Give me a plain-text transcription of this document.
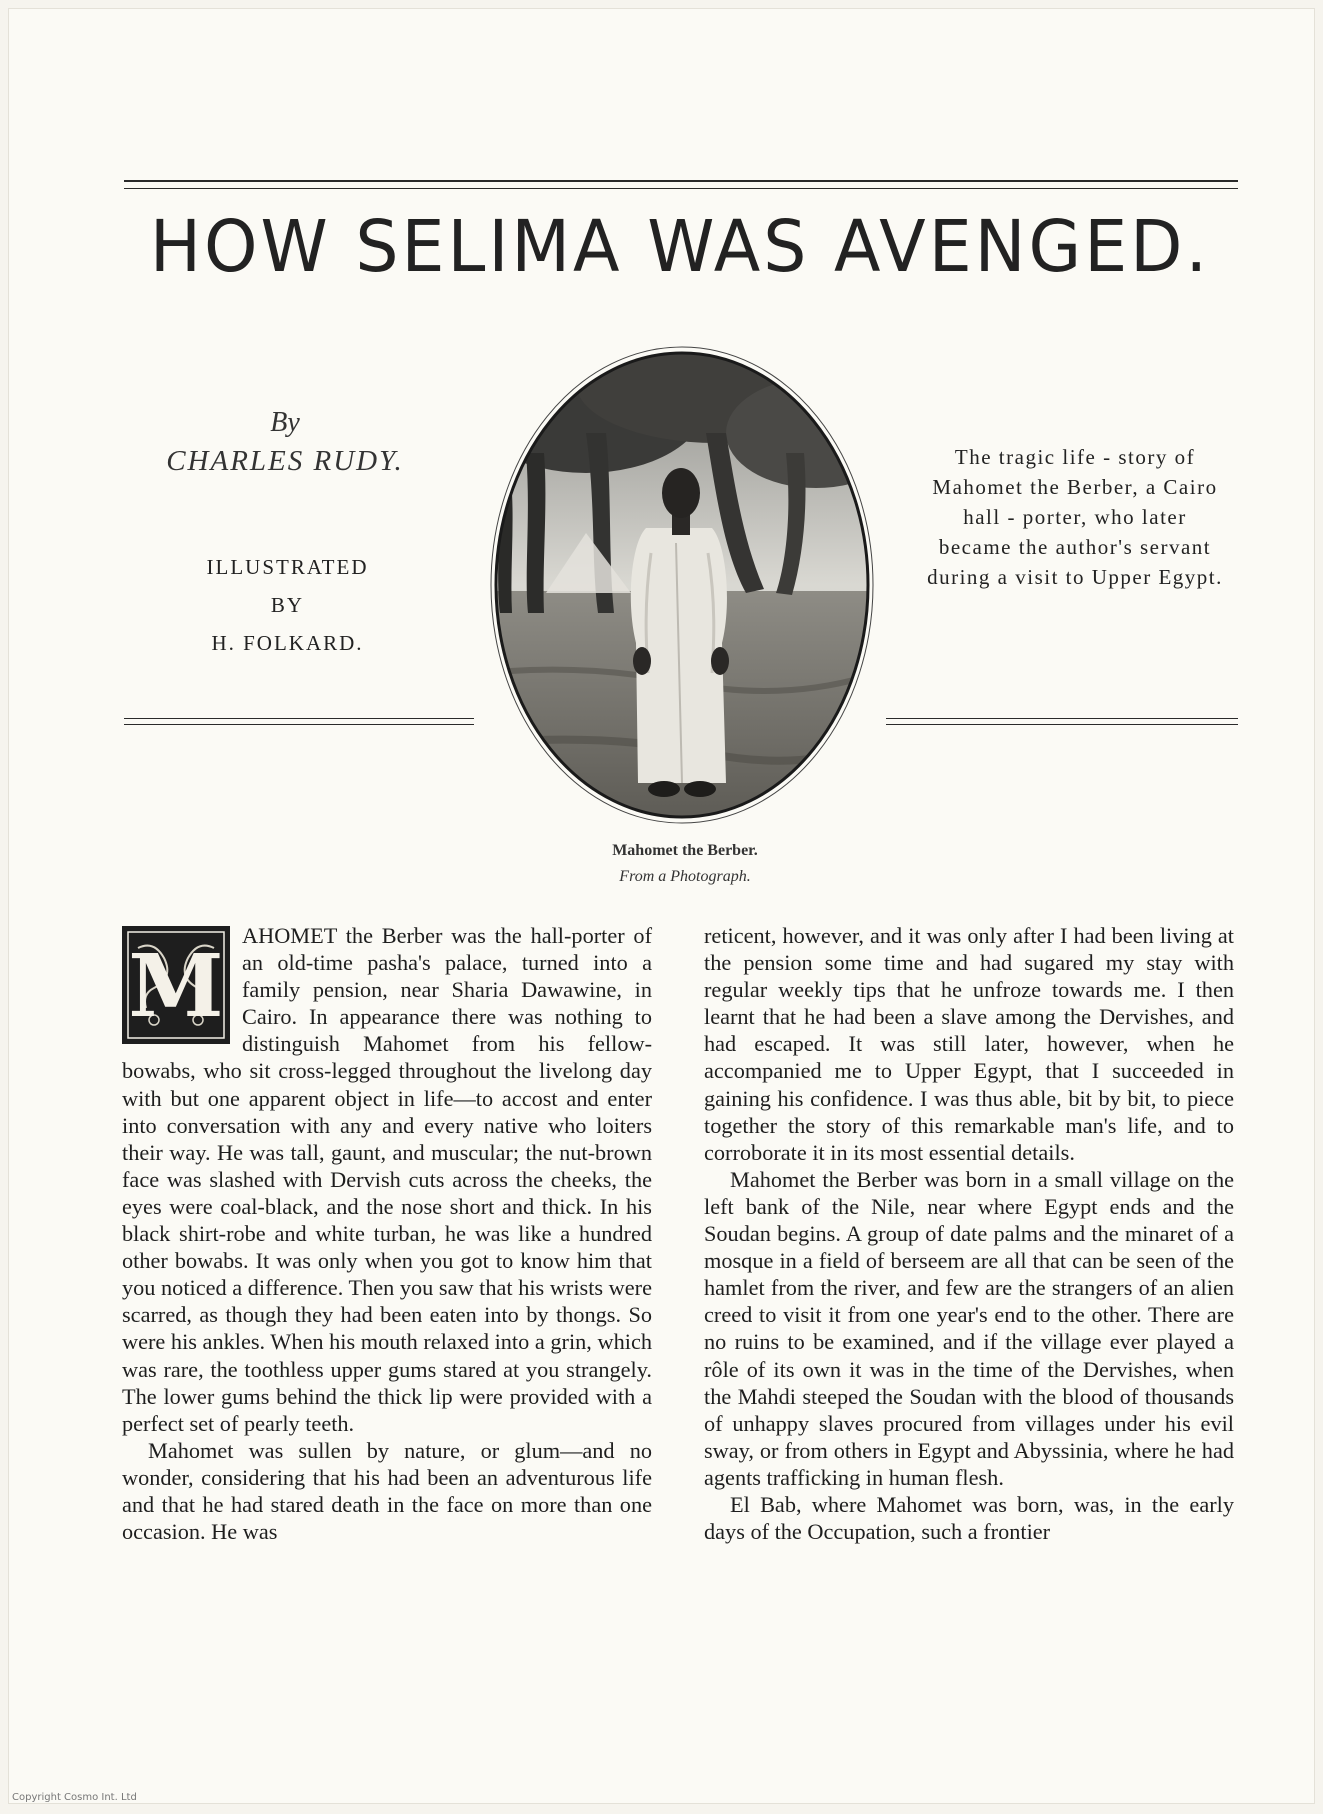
HOW SELIMA WAS AVENGED.
By
CHARLES RUDY.
ILLUSTRATED
BY
H. FOLKARD.
The tragic life - story of Mahomet the Berber, a Cairo hall - porter, who later became the author's servant during a visit to Upper Egypt.
Mahomet the Berber.
From a Photograph.

M
AHOMET the Berber was the hall-porter of an old-time pasha's palace, turned into a family pension, near Sharia Dawawine, in Cairo. In appearance there was nothing to distinguish Mahomet from his fellow-bowabs, who sit cross-legged throughout the livelong day with but one apparent object in life—to accost and enter into conversation with any and every native who loiters their way. He was tall, gaunt, and muscular; the nut-brown face was slashed with Dervish cuts across the cheeks, the eyes were coal-black, and the nose short and thick. In his black shirt-robe and white turban, he was like a hundred other bowabs. It was only when you got to know him that you noticed a difference. Then you saw that his wrists were scarred, as though they had been eaten into by thongs. So were his ankles. When his mouth relaxed into a grin, which was rare, the toothless upper gums stared at you strangely. The lower gums behind the thick lip were provided with a perfect set of pearly teeth.

Mahomet was sullen by nature, or glum—and no wonder, considering that his had been an adventurous life and that he had stared death in the face on more than one occasion. He was

reticent, however, and it was only after I had been living at the pension some time and had sugared my stay with regular weekly tips that he unfroze towards me. I then learnt that he had been a slave among the Dervishes, and had escaped. It was still later, however, when he accompanied me to Upper Egypt, that I succeeded in gaining his confidence. I was thus able, bit by bit, to piece together the story of this remarkable man's life, and to corroborate it in its most essential details.

Mahomet the Berber was born in a small village on the left bank of the Nile, near where Egypt ends and the Soudan begins. A group of date palms and the minaret of a mosque in a field of berseem are all that can be seen of the hamlet from the river, and few are the strangers of an alien creed to visit it from one year's end to the other. There are no ruins to be examined, and if the village ever played a rôle of its own it was in the time of the Dervishes, when the Mahdi steeped the Soudan with the blood of thousands of unhappy slaves procured from villages under his evil sway, or from others in Egypt and Abyssinia, where he had agents trafficking in human flesh.

El Bab, where Mahomet was born, was, in the early days of the Occupation, such a frontier

Copyright Cosmo Int. Ltd
